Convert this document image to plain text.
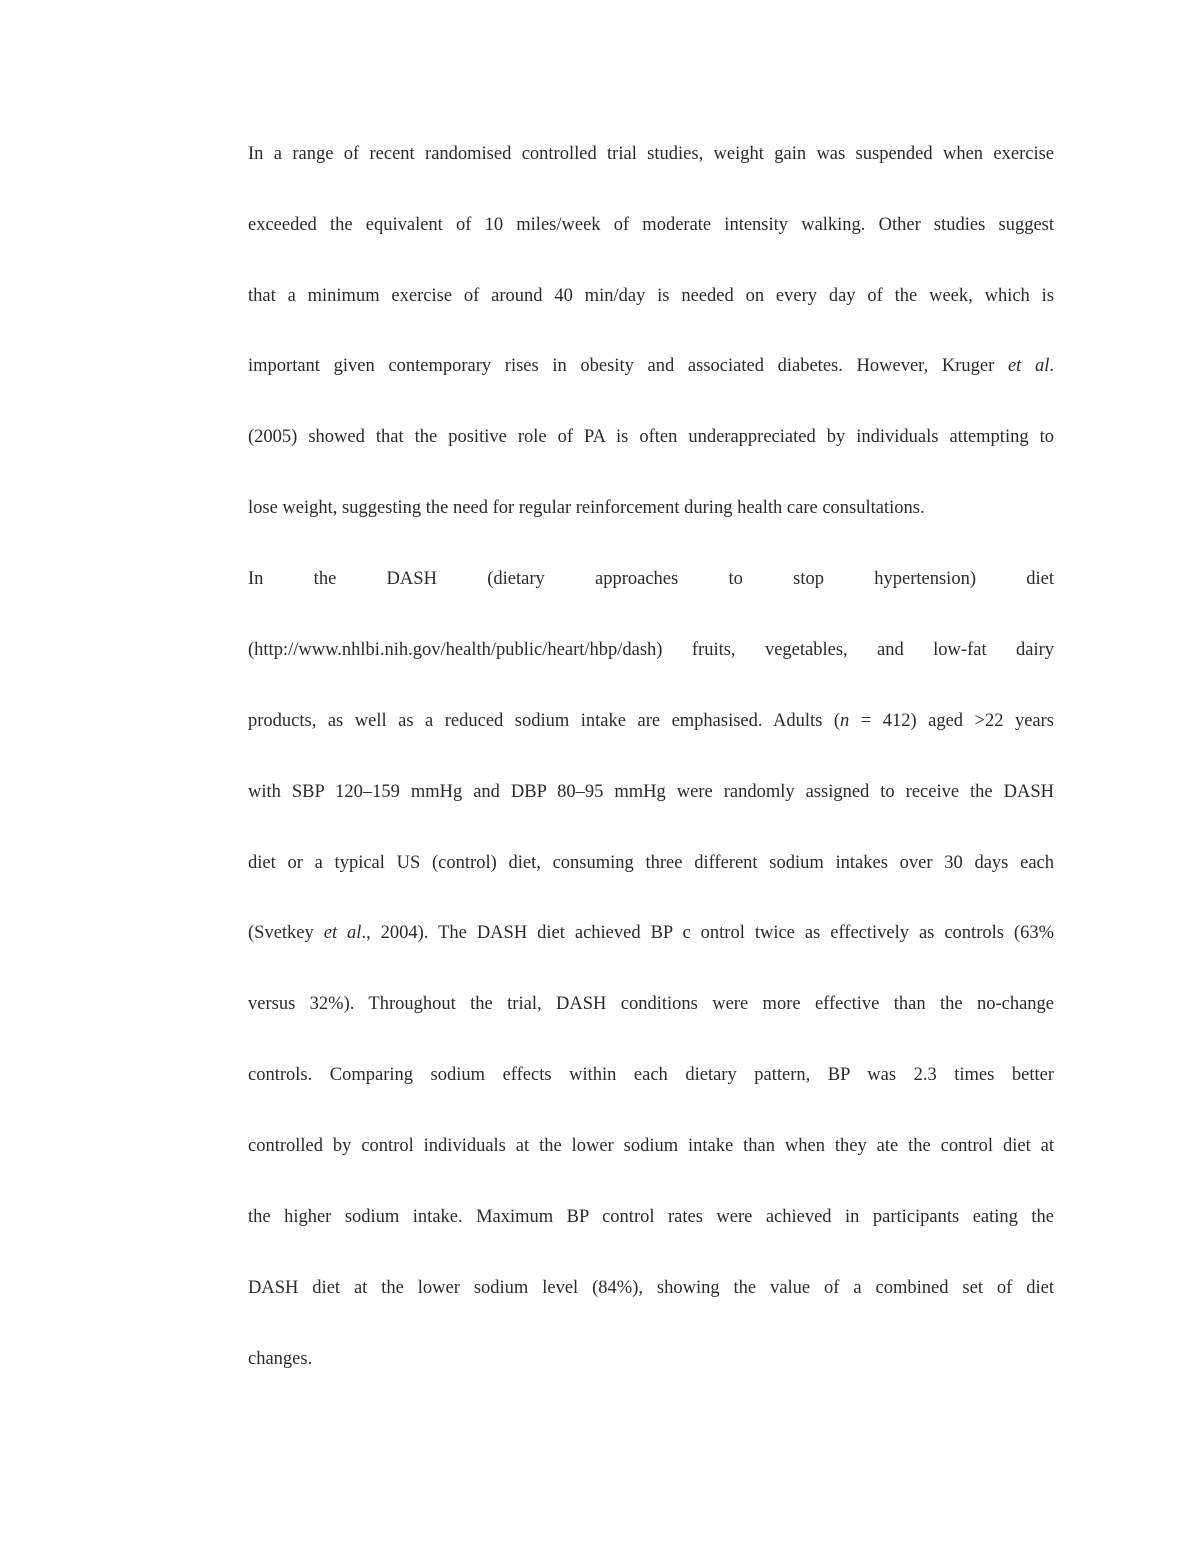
In a range of recent randomised controlled trial studies, weight gain was suspended when exercise

exceeded the equivalent of 10 miles/week of moderate intensity walking. Other studies suggest

that a minimum exercise of around 40 min/day is needed on every day of the week, which is

important given contemporary rises in obesity and associated diabetes. However, Kruger et al.

(2005) showed that the positive role of PA is often underappreciated by individuals attempting to

lose weight, suggesting the need for regular reinforcement during health care consultations.

In the DASH (dietary approaches to stop hypertension) diet

(http://www.nhlbi.nih.gov/health/public/heart/hbp/dash) fruits, vegetables, and low-fat dairy

products, as well as a reduced sodium intake are emphasised. Adults (n = 412) aged >22 years

with SBP 120–159 mmHg and DBP 80–95 mmHg were randomly assigned to receive the DASH

diet or a typical US (control) diet, consuming three different sodium intakes over 30 days each

(Svetkey et al., 2004). The DASH diet achieved BP c ontrol twice as effectively as controls (63%

versus 32%). Throughout the trial, DASH conditions were more effective than the no-change

controls. Comparing sodium effects within each dietary pattern, BP was 2.3 times better

controlled by control individuals at the lower sodium intake than when they ate the control diet at

the higher sodium intake. Maximum BP control rates were achieved in participants eating the

DASH diet at the lower sodium level (84%), showing the value of a combined set of diet

changes.
